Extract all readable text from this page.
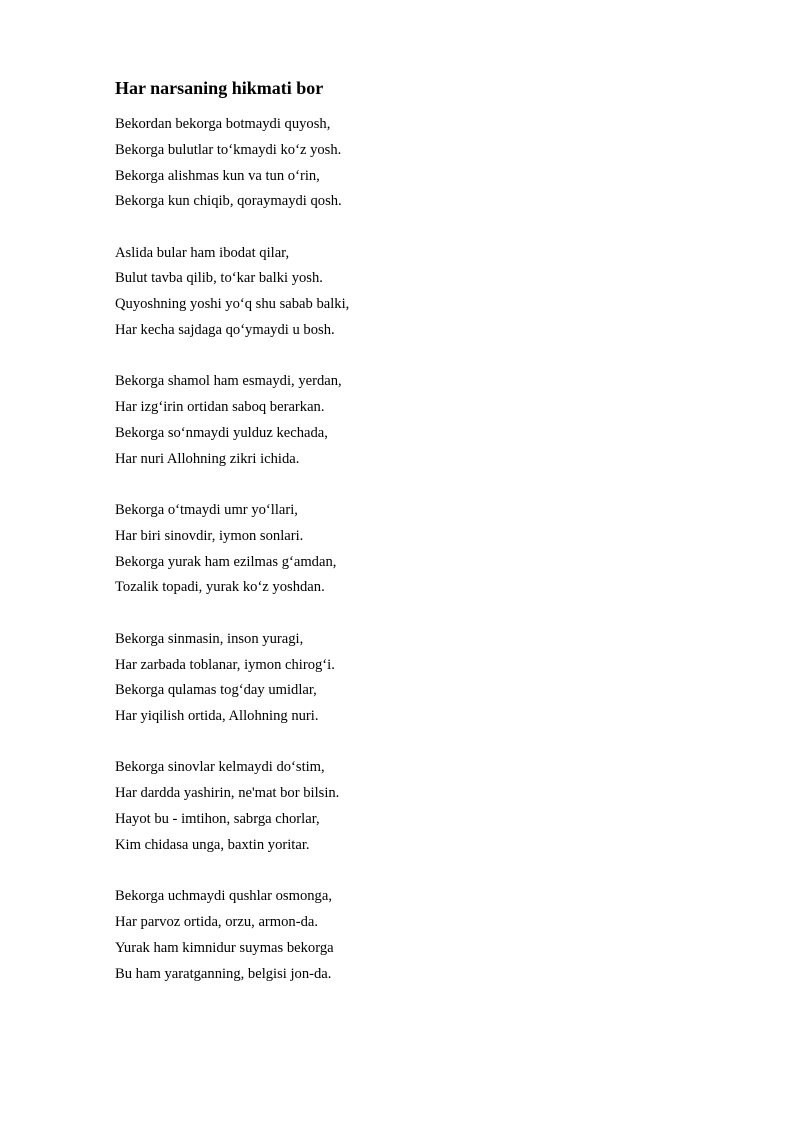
Har narsaning hikmati bor
Bekordan bekorga botmaydi quyosh,
Bekorga bulutlar to‘kmaydi ko‘z yosh.
Bekorga alishmas kun va tun o‘rin,
Bekorga kun chiqib, qoraymaydi qosh.
Aslida bular ham ibodat qilar,
Bulut tavba qilib, to‘kar balki yosh.
Quyoshning yoshi yo‘q shu sabab balki,
Har kecha sajdaga qo‘ymaydi u bosh.
Bekorga shamol ham esmaydi, yerdan,
Har izg‘irin ortidan saboq berarkan.
Bekorga so‘nmaydi yulduz kechada,
Har nuri Allohning zikri ichida.
Bekorga o‘tmaydi umr yo‘llari,
Har biri sinovdir, iymon sonlari.
Bekorga yurak ham ezilmas g‘amdan,
Tozalik topadi, yurak ko‘z yoshdan.
Bekorga sinmasin, inson yuragi,
Har zarbada toblanar, iymon chirog‘i.
Bekorga qulamas tog‘day umidlar,
Har yiqilish ortida, Allohning nuri.
Bekorga sinovlar kelmaydi do‘stim,
Har dardda yashirin, ne'mat bor bilsin.
Hayot bu - imtihon, sabrga chorlar,
Kim chidasa unga, baxtin yoritar.
Bekorga uchmaydi qushlar osmonga,
Har parvoz ortida, orzu, armon-da.
Yurak ham kimnidur suymas bekorga
Bu ham yaratganning, belgisi jon-da.
